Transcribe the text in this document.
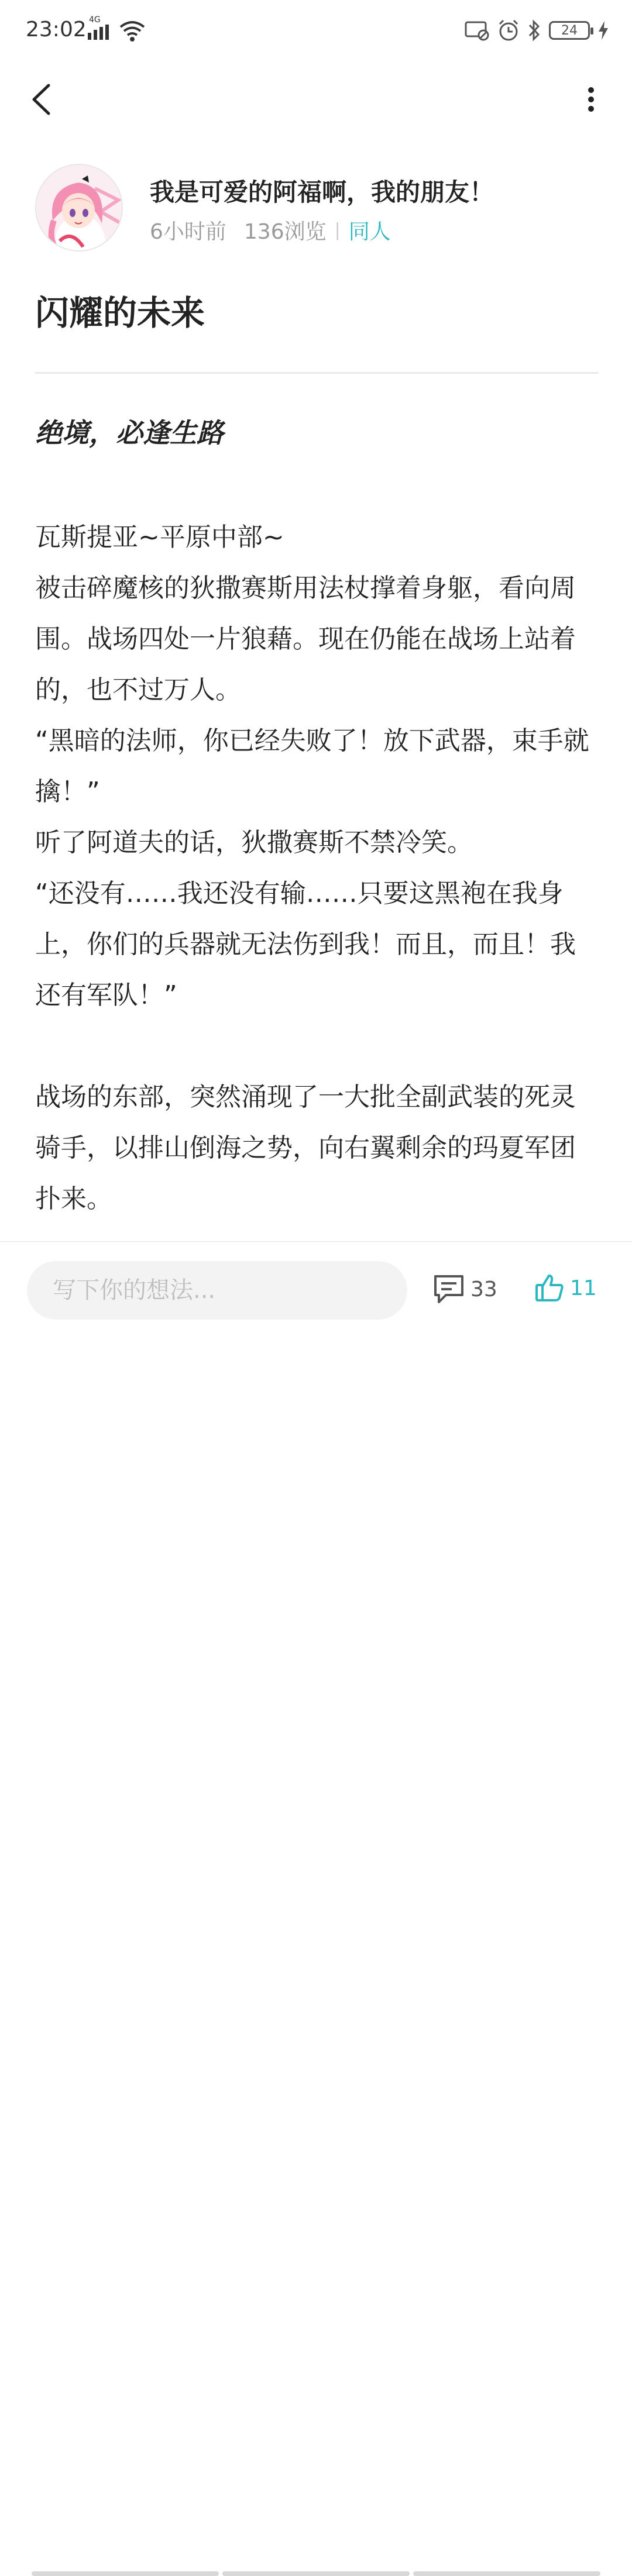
23:02 4G
24
我是可爱的阿福啊，我的朋友！
6小时前 136浏览 | 同人
闪耀的未来
绝境，必逢生路

瓦斯提亚~平原中部~

被击碎魔核的狄撒赛斯用法杖撑着身躯，看向周围。战场四处一片狼藉。现在仍能在战场上站着的，也不过万人。

“黑暗的法师，你已经失败了！放下武器，束手就擒！”

听了阿道夫的话，狄撒赛斯不禁冷笑。

“还没有……我还没有输……只要这黑袍在我身上，你们的兵器就无法伤到我！而且，而且！我还有军队！”

战场的东部，突然涌现了一大批全副武装的死灵骑手，以排山倒海之势，向右翼剩余的玛夏军团扑来。

写下你的想法...
33	11
